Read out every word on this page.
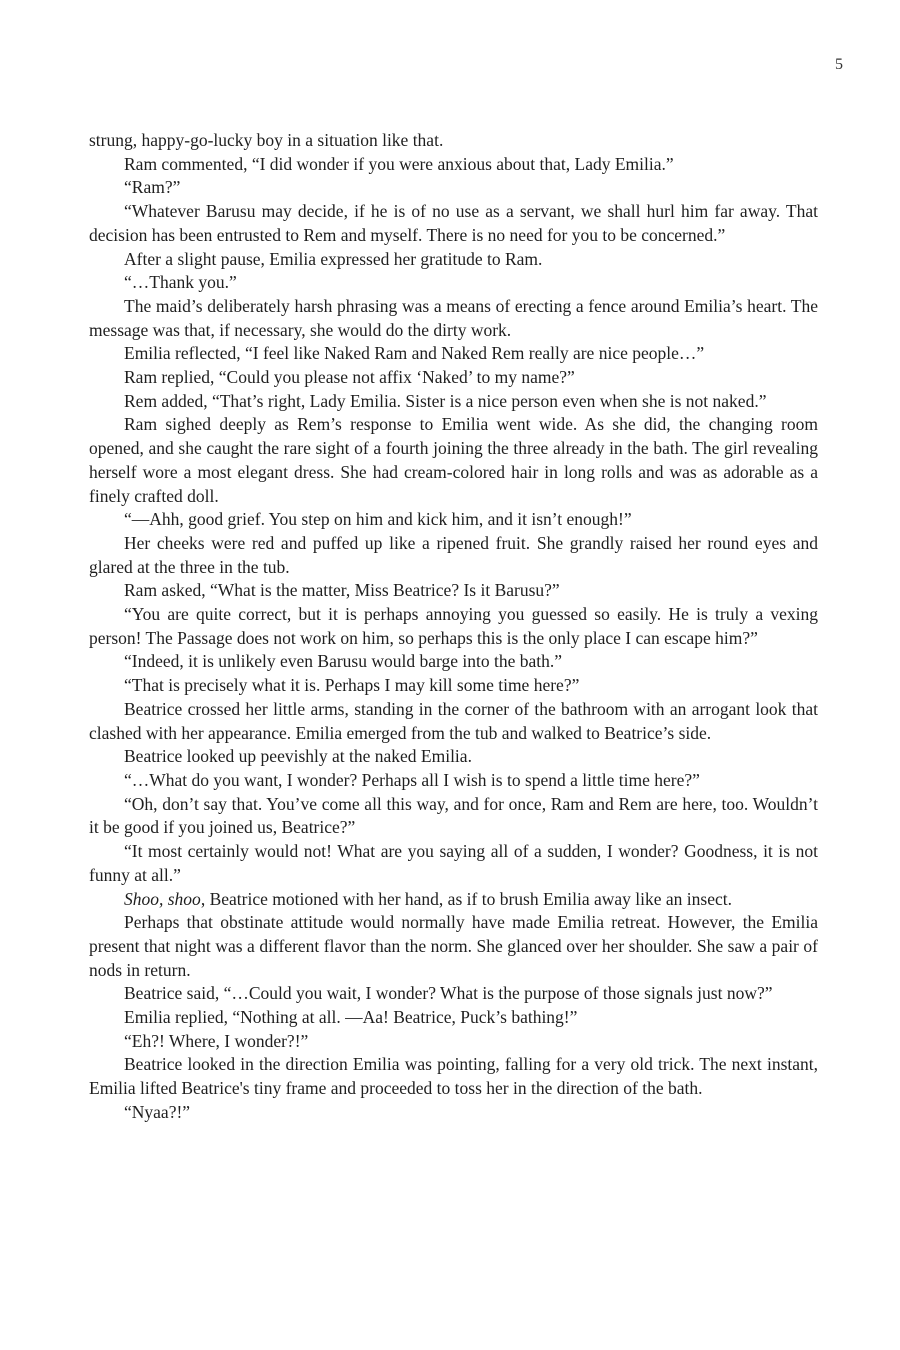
5

strung, happy-go-lucky boy in a situation like that.

Ram commented, “I did wonder if you were anxious about that, Lady Emilia.”

“Ram?”

“Whatever Barusu may decide, if he is of no use as a servant, we shall hurl him far away. That decision has been entrusted to Rem and myself. There is no need for you to be concerned.”

After a slight pause, Emilia expressed her gratitude to Ram.

“…Thank you.”

The maid’s deliberately harsh phrasing was a means of erecting a fence around Emilia’s heart. The message was that, if necessary, she would do the dirty work.

Emilia reflected, “I feel like Naked Ram and Naked Rem really are nice people…”

Ram replied, “Could you please not affix ‘Naked’ to my name?”

Rem added, “That’s right, Lady Emilia. Sister is a nice person even when she is not naked.”

Ram sighed deeply as Rem’s response to Emilia went wide. As she did, the changing room opened, and she caught the rare sight of a fourth joining the three already in the bath. The girl revealing herself wore a most elegant dress. She had cream-colored hair in long rolls and was as adorable as a finely crafted doll.

“—Ahh, good grief. You step on him and kick him, and it isn’t enough!”

Her cheeks were red and puffed up like a ripened fruit. She grandly raised her round eyes and glared at the three in the tub.

Ram asked, “What is the matter, Miss Beatrice? Is it Barusu?”

“You are quite correct, but it is perhaps annoying you guessed so easily. He is truly a vexing person! The Passage does not work on him, so perhaps this is the only place I can escape him?”

“Indeed, it is unlikely even Barusu would barge into the bath.”

“That is precisely what it is. Perhaps I may kill some time here?”

Beatrice crossed her little arms, standing in the corner of the bathroom with an arrogant look that clashed with her appearance. Emilia emerged from the tub and walked to Beatrice’s side.

Beatrice looked up peevishly at the naked Emilia.

“…What do you want, I wonder? Perhaps all I wish is to spend a little time here?”

“Oh, don’t say that. You’ve come all this way, and for once, Ram and Rem are here, too. Wouldn’t it be good if you joined us, Beatrice?”

“It most certainly would not! What are you saying all of a sudden, I wonder? Goodness, it is not funny at all.”

Shoo, shoo, Beatrice motioned with her hand, as if to brush Emilia away like an insect.

Perhaps that obstinate attitude would normally have made Emilia retreat. However, the Emilia present that night was a different flavor than the norm. She glanced over her shoulder. She saw a pair of nods in return.

Beatrice said, “…Could you wait, I wonder? What is the purpose of those signals just now?”

Emilia replied, “Nothing at all. —Aa! Beatrice, Puck’s bathing!”

“Eh?! Where, I wonder?!”

Beatrice looked in the direction Emilia was pointing, falling for a very old trick. The next instant, Emilia lifted Beatrice's tiny frame and proceeded to toss her in the direction of the bath.

“Nyaa?!”
